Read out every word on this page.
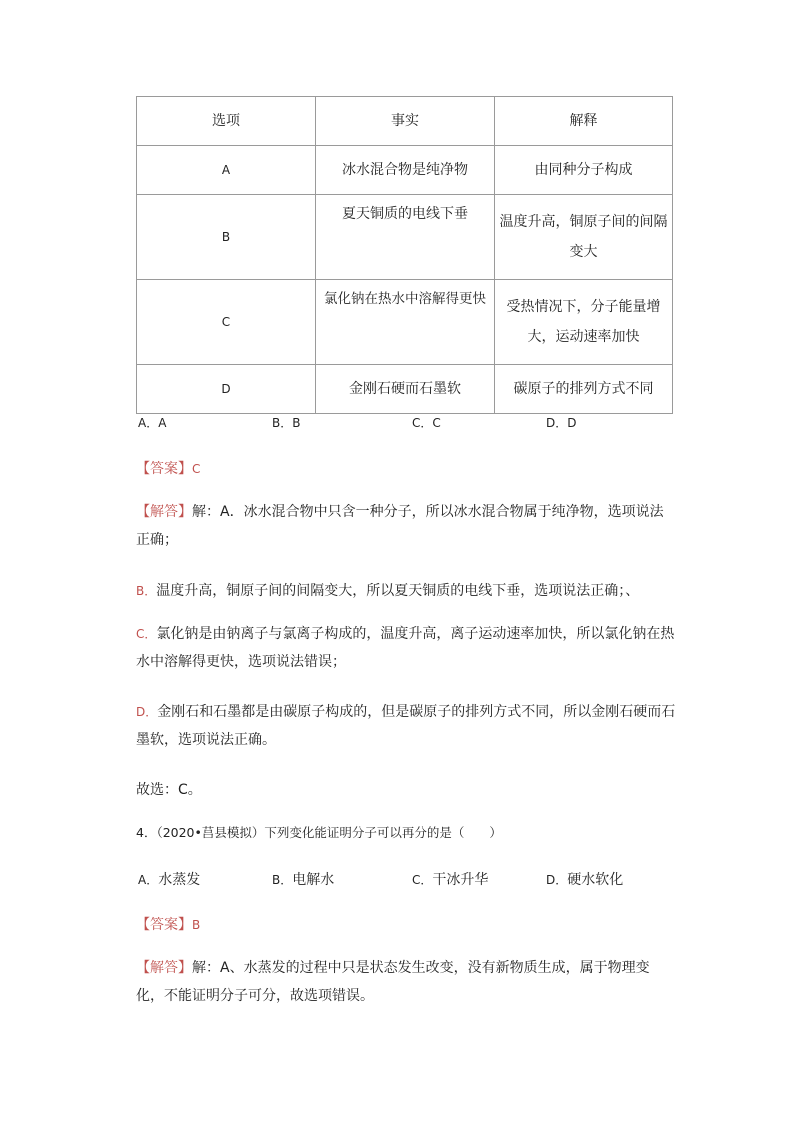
选项	事实	解释
A	冰水混合物是纯净物	由同种分子构成
B	夏天铜质的电线下垂	温度升高，铜原子间的间隔变大
C	氯化钠在热水中溶解得更快	受热情况下，分子能量增大，运动速率加快
D	金刚石硬而石墨软	碳原子的排列方式不同
A．A	B．B	C．C	D．D
【答案】C
【解答】解：A．冰水混合物中只含一种分子，所以冰水混合物属于纯净物，选项说法正确；
B．温度升高，铜原子间的间隔变大，所以夏天铜质的电线下垂，选项说法正确；、
C．氯化钠是由钠离子与氯离子构成的，温度升高，离子运动速率加快，所以氯化钠在热水中溶解得更快，选项说法错误；
D．金刚石和石墨都是由碳原子构成的，但是碳原子的排列方式不同，所以金刚石硬而石墨软，选项说法正确。
故选：C。
4．（2020•莒县模拟）下列变化能证明分子可以再分的是（　　）
A．水蒸发	B．电解水	C．干冰升华	D．硬水软化
【答案】B
【解答】解：A、水蒸发的过程中只是状态发生改变，没有新物质生成，属于物理变化，不能证明分子可分，故选项错误。
